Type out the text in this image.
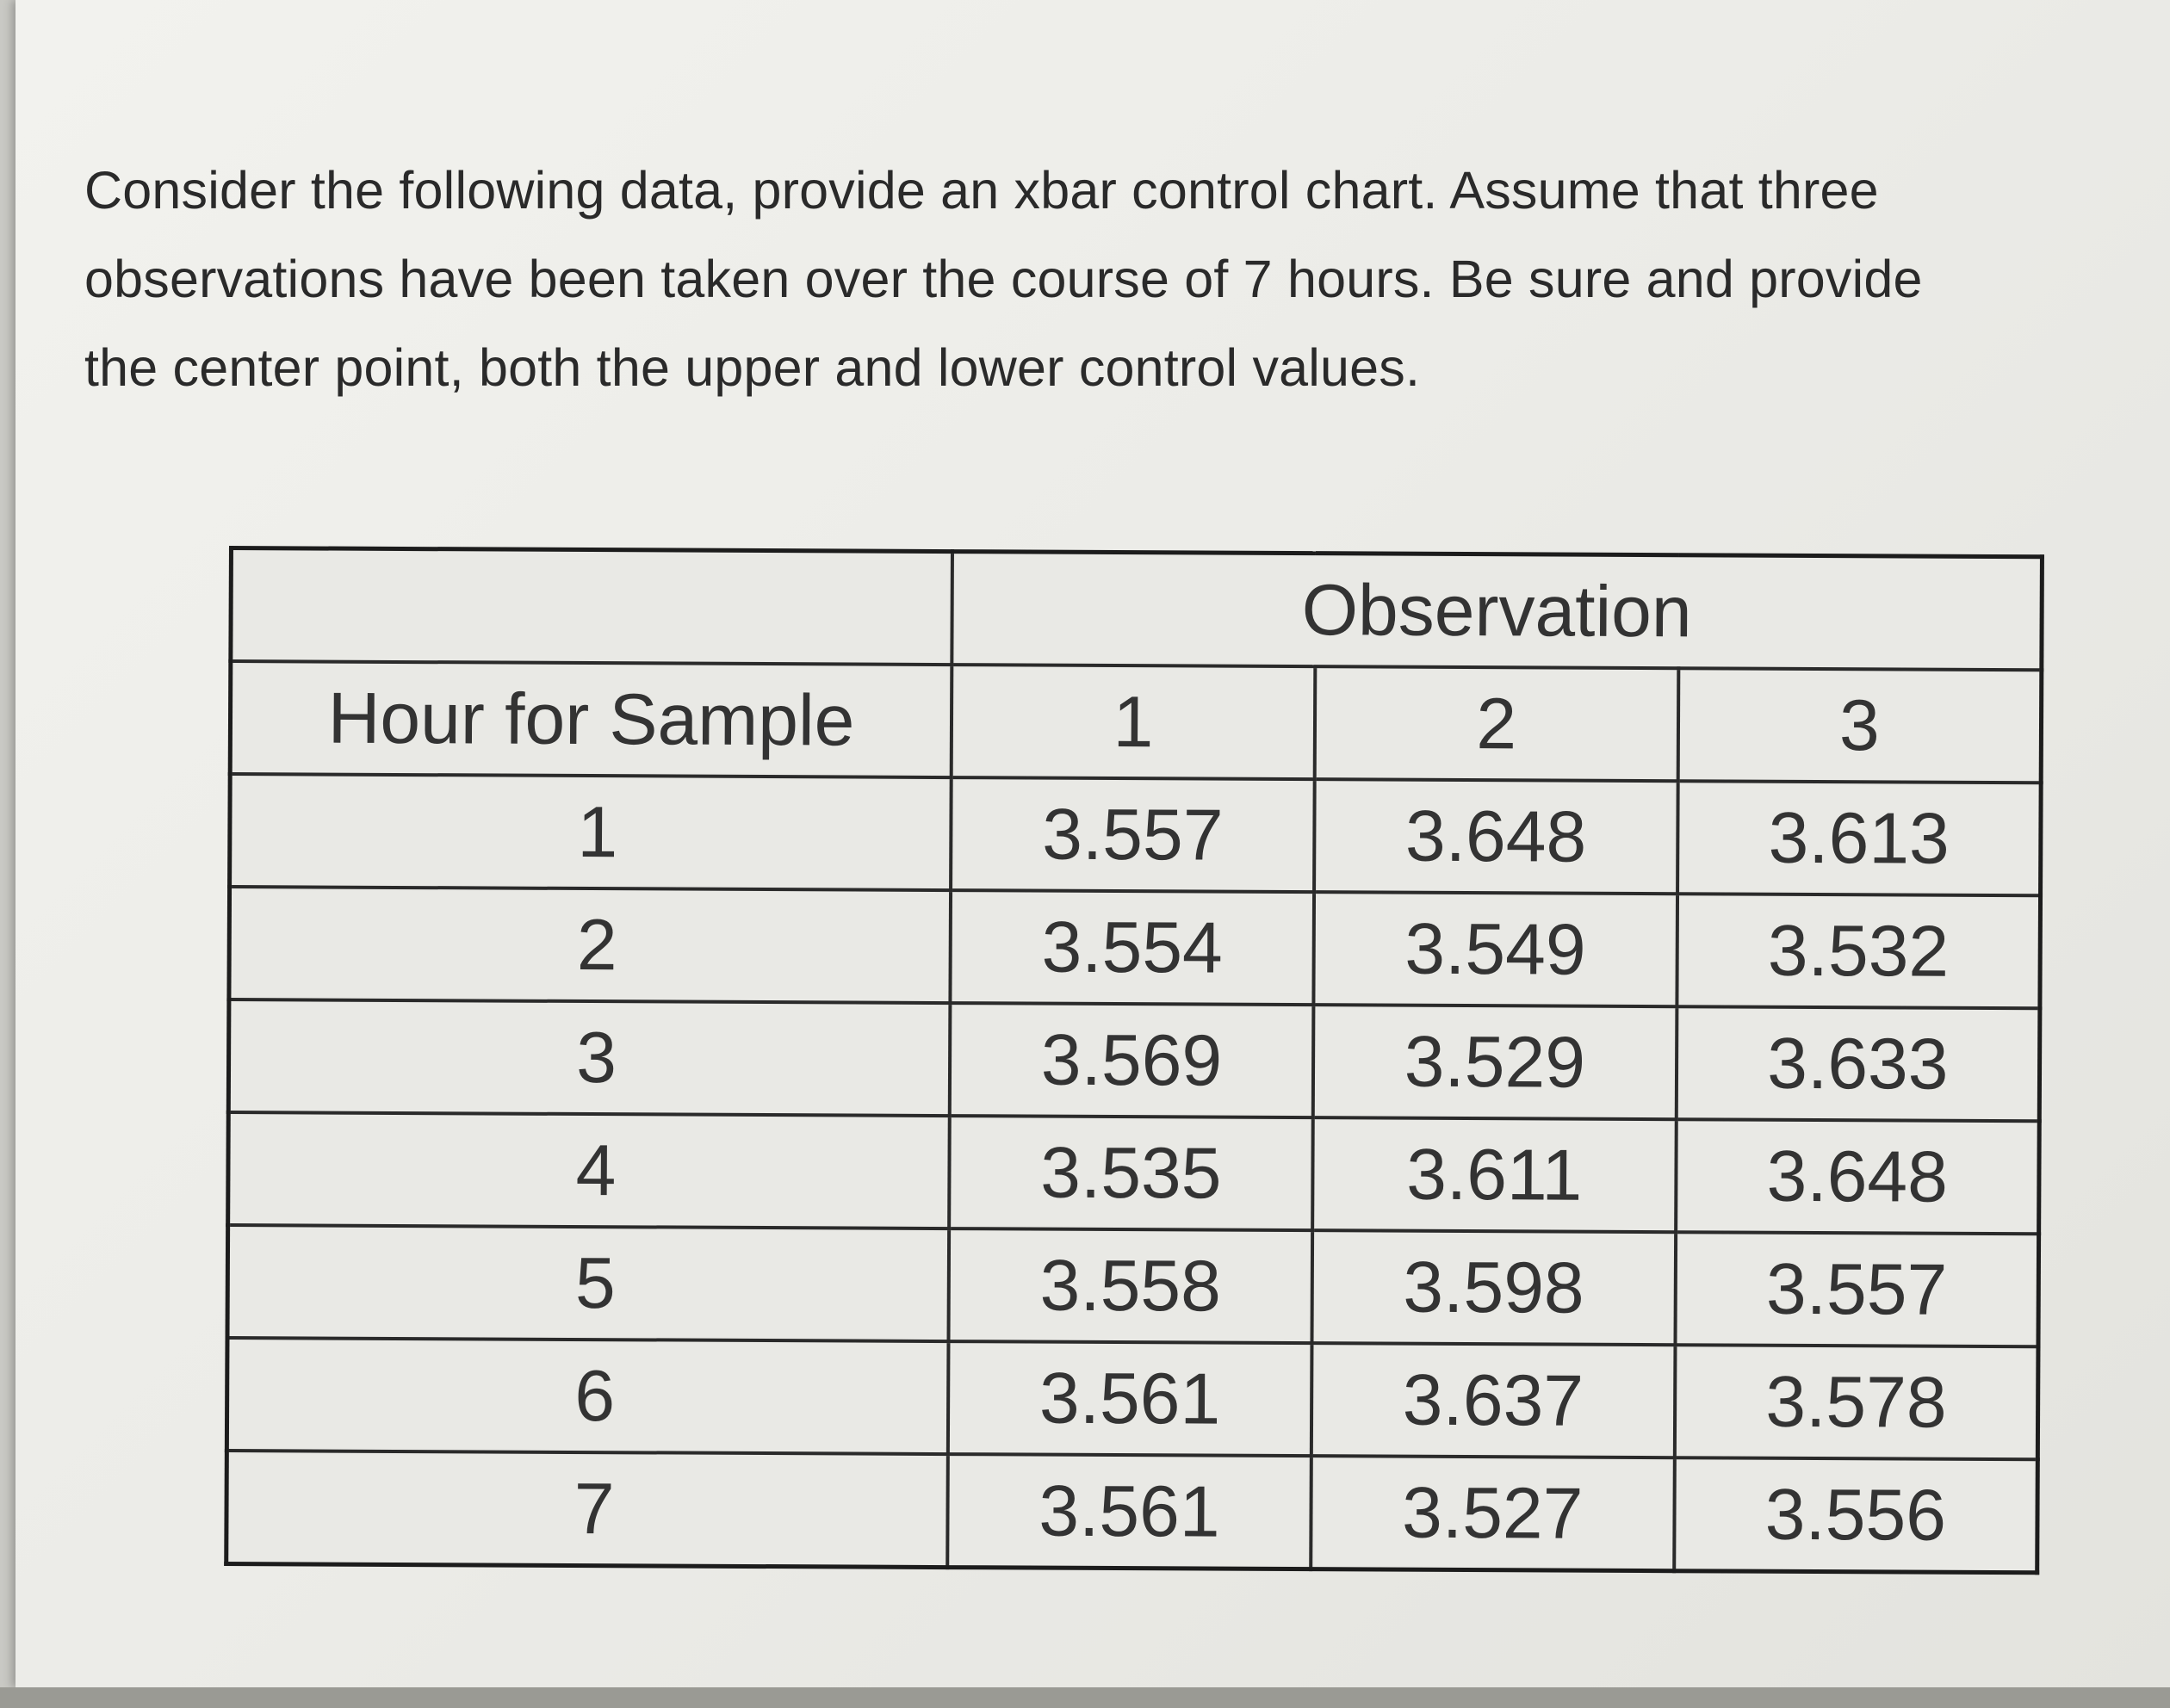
Consider the following data, provide an xbar control chart. Assume that three
observations have been taken over the course of 7 hours. Be sure and provide
the center point, both the upper and lower control values.

	Observation		
Hour for Sample	1	2	3
1	3.557	3.648	3.613
2	3.554	3.549	3.532
3	3.569	3.529	3.633
4	3.535	3.611	3.648
5	3.558	3.598	3.557
6	3.561	3.637	3.578
7	3.561	3.527	3.556
